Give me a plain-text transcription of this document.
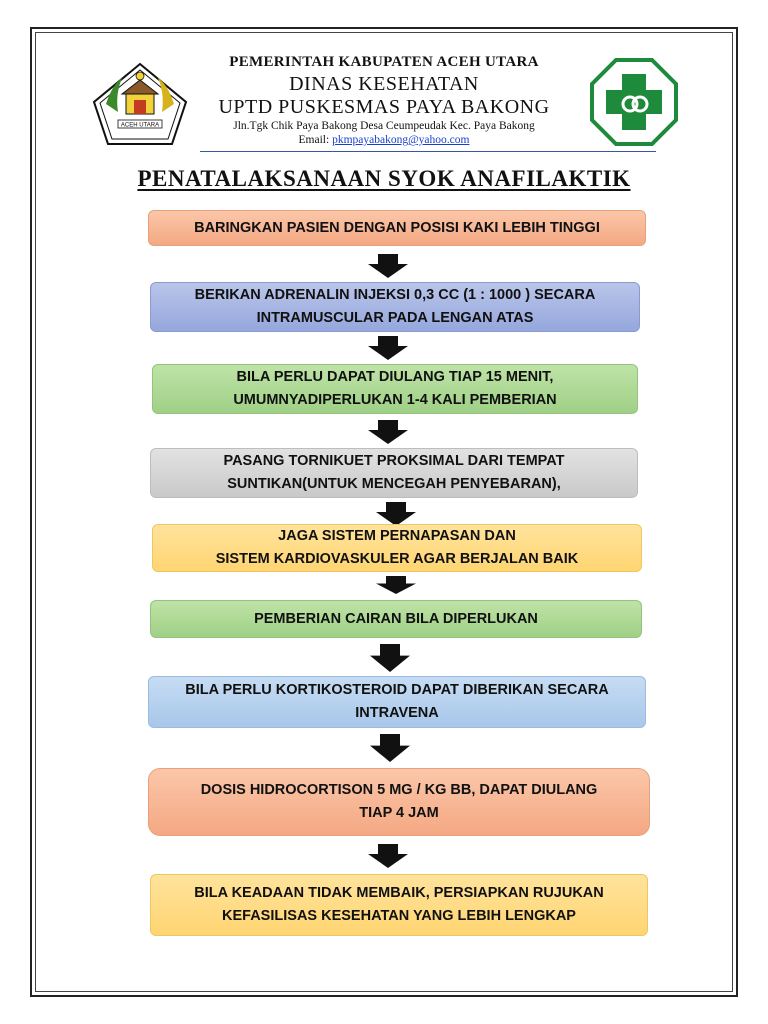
ACEH UTARA
PEMERINTAH KABUPATEN ACEH UTARA
DINAS KESEHATAN
UPTD PUSKESMAS PAYA BAKONG
Jln.Tgk Chik Paya Bakong Desa Ceumpeudak Kec. Paya Bakong
Email: pkmpayabakong@yahoo.com
PENATALAKSANAAN SYOK ANAFILAKTIK
BARINGKAN PASIEN DENGAN POSISI KAKI LEBIH TINGGI
BERIKAN ADRENALIN INJEKSI 0,3 CC (1 : 1000 ) SECARA
INTRAMUSCULAR PADA LENGAN ATAS
BILA PERLU DAPAT DIULANG TIAP 15 MENIT,
UMUMNYADIPERLUKAN 1-4 KALI PEMBERIAN
PASANG TORNIKUET PROKSIMAL DARI TEMPAT
SUNTIKAN(UNTUK MENCEGAH PENYEBARAN),
JAGA SISTEM PERNAPASAN DAN
SISTEM KARDIOVASKULER AGAR BERJALAN BAIK
PEMBERIAN CAIRAN BILA DIPERLUKAN
BILA PERLU KORTIKOSTEROID DAPAT DIBERIKAN SECARA
INTRAVENA
DOSIS HIDROCORTISON 5 MG / KG BB, DAPAT DIULANG
TIAP 4 JAM
BILA KEADAAN TIDAK MEMBAIK, PERSIAPKAN RUJUKAN
KEFASILISAS KESEHATAN YANG LEBIH LENGKAP
